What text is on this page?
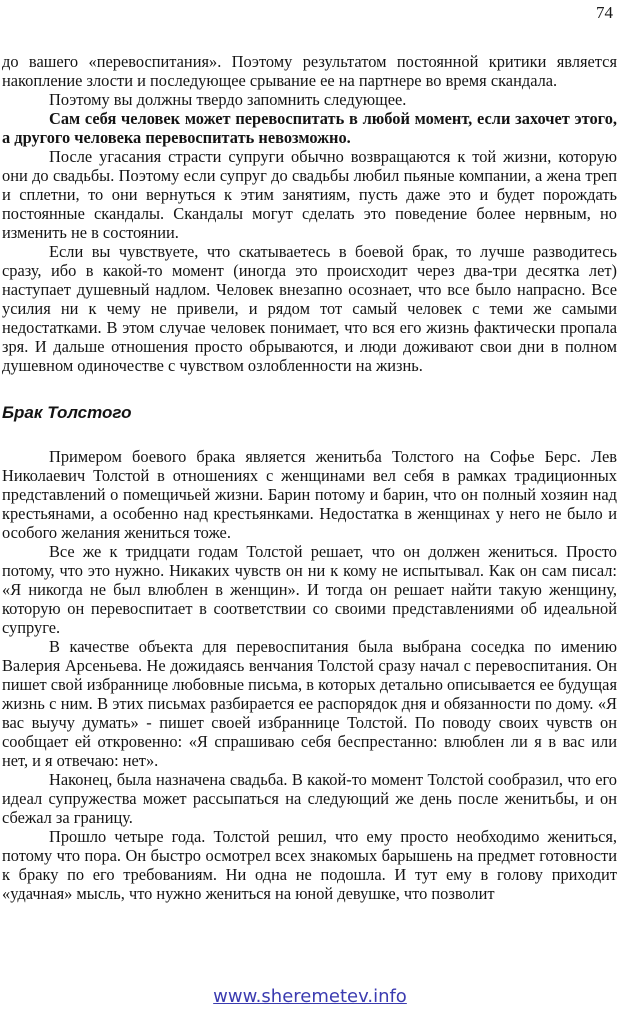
74

до вашего «перевоспитания». Поэтому результатом постоянной критики является накопление злости и последующее срывание ее на партнере во время скандала.

Поэтому вы должны твердо запомнить следующее.

Сам себя человек может перевоспитать в любой момент, если захочет этого, а другого человека перевоспитать невозможно.

После угасания страсти супруги обычно возвращаются к той жизни, которую они до свадьбы. Поэтому если супруг до свадьбы любил пьяные компании, а жена треп и сплетни, то они вернуться к этим занятиям, пусть даже это и будет порождать постоянные скандалы. Скандалы могут сделать это поведение более нервным, но изменить не в состоянии.

Если вы чувствуете, что скатываетесь в боевой брак, то лучше разводитесь сразу, ибо в какой-то момент (иногда это происходит через два-три десятка лет) наступает душевный надлом. Человек внезапно осознает, что все было напрасно. Все усилия ни к чему не привели, и рядом тот самый человек с теми же самыми недостатками. В этом случае человек понимает, что вся его жизнь фактически пропала зря. И дальше отношения просто обрываются, и люди доживают свои дни в полном душевном одиночестве с чувством озлобленности на жизнь.

Брак Толстого

Примером боевого брака является женитьба Толстого на Софье Берс. Лев Николаевич Толстой в отношениях с женщинами вел себя в рамках традиционных представлений о помещичьей жизни. Барин потому и барин, что он полный хозяин над крестьянами, а особенно над крестьянками. Недостатка в женщинах у него не было и особого желания жениться тоже.

Все же к тридцати годам Толстой решает, что он должен жениться. Просто потому, что это нужно. Никаких чувств он ни к кому не испытывал. Как он сам писал: «Я никогда не был влюблен в женщин». И тогда он решает найти такую женщину, которую он перевоспитает в соответствии со своими представлениями об идеальной супруге.

В качестве объекта для перевоспитания была выбрана соседка по имению Валерия Арсеньева. Не дожидаясь венчания Толстой сразу начал с перевоспитания. Он пишет свой избраннице любовные письма, в которых детально описывается ее будущая жизнь с ним. В этих письмах разбирается ее распорядок дня и обязанности по дому. «Я вас выучу думать» - пишет своей избраннице Толстой. По поводу своих чувств он сообщает ей откровенно: «Я спрашиваю себя беспрестанно: влюблен ли я в вас или нет, и я отвечаю: нет».

Наконец, была назначена свадьба. В какой-то момент Толстой сообразил, что его идеал супружества может рассыпаться на следующий же день после женитьбы, и он сбежал за границу.

Прошло четыре года. Толстой решил, что ему просто необходимо жениться, потому что пора. Он быстро осмотрел всех знакомых барышень на предмет готовности к браку по его требованиям. Ни одна не подошла. И тут ему в голову приходит «удачная» мысль, что нужно жениться на юной девушке, что позволит

www.sheremetev.info
